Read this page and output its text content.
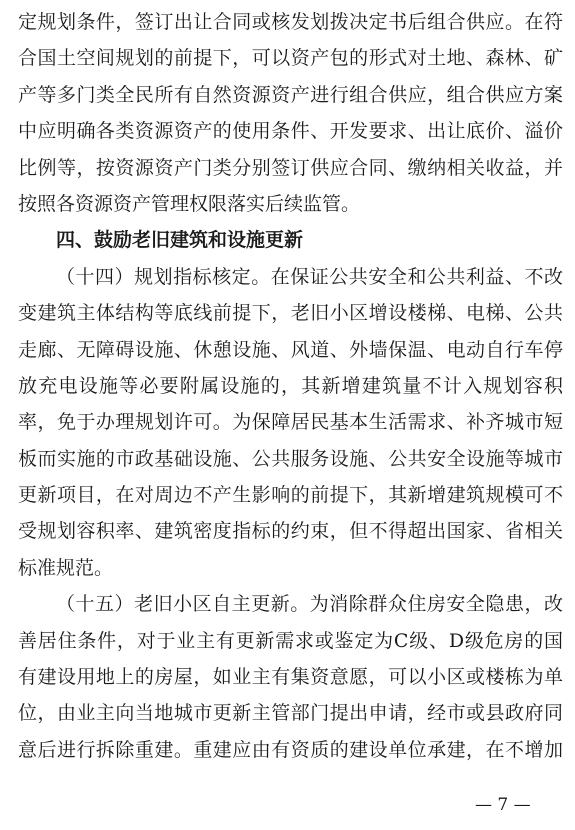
定规划条件，签订出让合同或核发划拨决定书后组合供应。在符
合国土空间规划的前提下，可以资产包的形式对土地、森林、矿
产等多门类全民所有自然资源资产进行组合供应，组合供应方案
中应明确各类资源资产的使用条件、开发要求、出让底价、溢价
比例等，按资源资产门类分别签订供应合同、缴纳相关收益，并
按照各资源资产管理权限落实后续监管。
四、鼓励老旧建筑和设施更新
（十四）规划指标核定。在保证公共安全和公共利益、不改
变建筑主体结构等底线前提下，老旧小区增设楼梯、电梯、公共
走廊、无障碍设施、休憩设施、风道、外墙保温、电动自行车停
放充电设施等必要附属设施的，其新增建筑量不计入规划容积
率，免于办理规划许可。为保障居民基本生活需求、补齐城市短
板而实施的市政基础设施、公共服务设施、公共安全设施等城市
更新项目，在对周边不产生影响的前提下，其新增建筑规模可不
受规划容积率、建筑密度指标的约束，但不得超出国家、省相关
标准规范。
（十五）老旧小区自主更新。为消除群众住房安全隐患，改
善居住条件，对于业主有更新需求或鉴定为C级、D级危房的国
有建设用地上的房屋，如业主有集资意愿，可以小区或楼栋为单
位，由业主向当地城市更新主管部门提出申请，经市或县政府同
意后进行拆除重建。重建应由有资质的建设单位承建，在不增加
— 7 —
